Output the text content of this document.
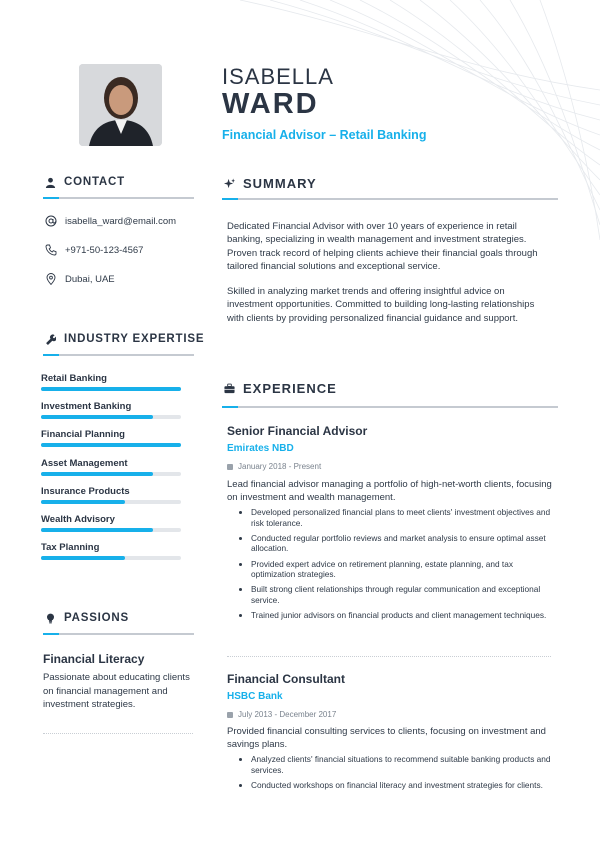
ISABELLA
WARD
Financial Advisor – Retail Banking
CONTACT
isabella_ward@email.com
+971-50-123-4567
Dubai, UAE
INDUSTRY EXPERTISE
Retail Banking
Investment Banking
Financial Planning
Asset Management
Insurance Products
Wealth Advisory
Tax Planning
PASSIONS
Financial Literacy
Passionate about educating clients on financial management and investment strategies.
SUMMARY
Dedicated Financial Advisor with over 10 years of experience in retail banking, specializing in wealth management and investment strategies. Proven track record of helping clients achieve their financial goals through tailored financial solutions and exceptional service.
Skilled in analyzing market trends and offering insightful advice on investment opportunities. Committed to building long-lasting relationships with clients by providing personalized financial guidance and support.
EXPERIENCE
Senior Financial Advisor
Emirates NBD
January 2018 - Present
Lead financial advisor managing a portfolio of high-net-worth clients, focusing on investment and wealth management.
Developed personalized financial plans to meet clients' investment objectives and risk tolerance.
Conducted regular portfolio reviews and market analysis to ensure optimal asset allocation.
Provided expert advice on retirement planning, estate planning, and tax optimization strategies.
Built strong client relationships through regular communication and exceptional service.
Trained junior advisors on financial products and client management techniques.
Financial Consultant
HSBC Bank
July 2013 - December 2017
Provided financial consulting services to clients, focusing on investment and savings plans.
Analyzed clients' financial situations to recommend suitable banking products and services.
Conducted workshops on financial literacy and investment strategies for clients.
